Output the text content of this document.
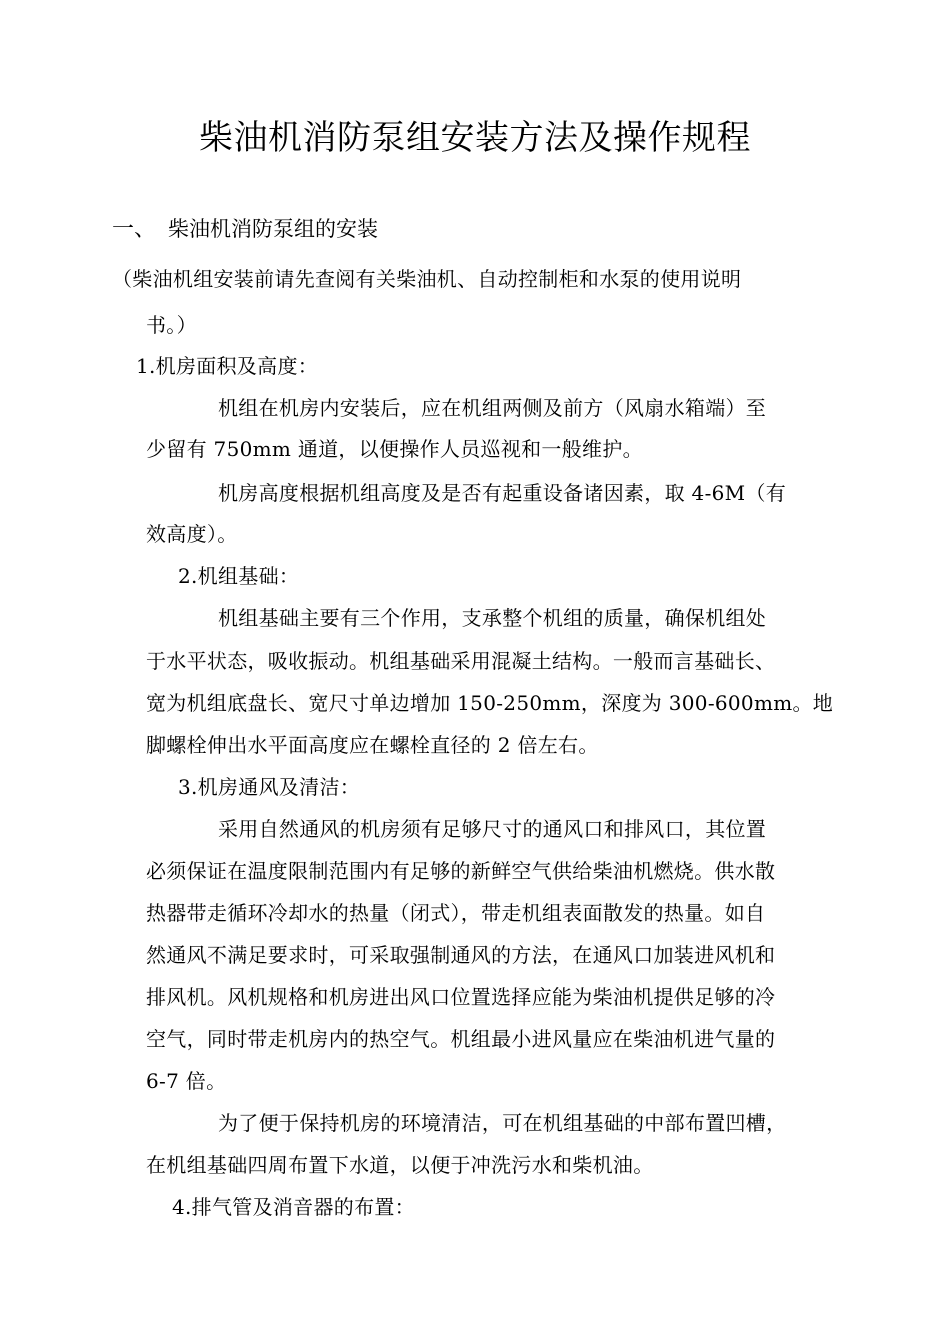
柴油机消防泵组安装方法及操作规程
一、 柴油机消防泵组的安装
（柴油机组安装前请先查阅有关柴油机、自动控制柜和水泵的使用说明
书。）
1.机房面积及高度：
机组在机房内安装后，应在机组两侧及前方（风扇水箱端）至
少留有 750mm 通道，以便操作人员巡视和一般维护。
机房高度根据机组高度及是否有起重设备诸因素，取 4-6M（有
效高度）。
2.机组基础：
机组基础主要有三个作用，支承整个机组的质量，确保机组处
于水平状态，吸收振动。机组基础采用混凝土结构。一般而言基础长、
宽为机组底盘长、宽尺寸单边增加 150-250mm，深度为 300-600mm。地
脚螺栓伸出水平面高度应在螺栓直径的 2 倍左右。
3.机房通风及清洁：
采用自然通风的机房须有足够尺寸的通风口和排风口，其位置
必须保证在温度限制范围内有足够的新鲜空气供给柴油机燃烧。供水散
热器带走循环冷却水的热量（闭式），带走机组表面散发的热量。如自
然通风不满足要求时，可采取强制通风的方法，在通风口加装进风机和
排风机。风机规格和机房进出风口位置选择应能为柴油机提供足够的冷
空气，同时带走机房内的热空气。机组最小进风量应在柴油机进气量的
6-7 倍。
为了便于保持机房的环境清洁，可在机组基础的中部布置凹槽，
在机组基础四周布置下水道，以便于冲洗污水和柴机油。
4.排气管及消音器的布置：
